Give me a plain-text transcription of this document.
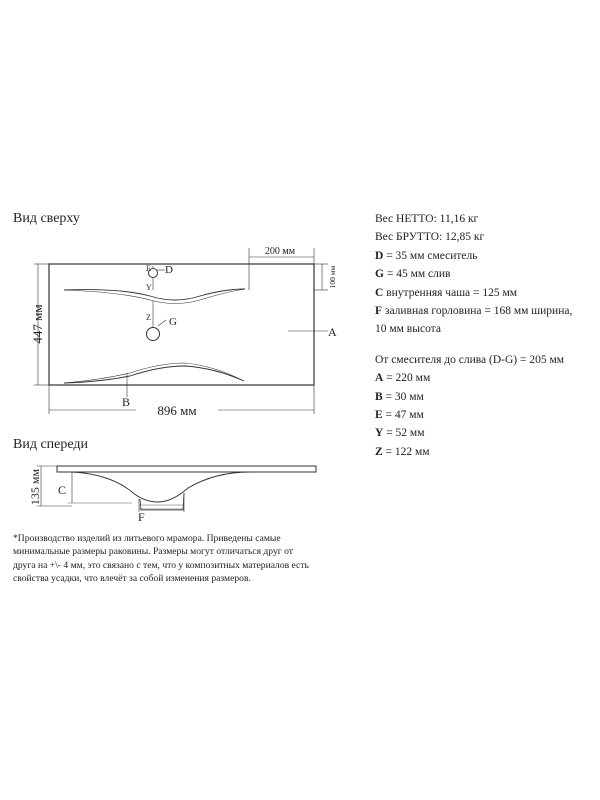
Вид сверху
Вид спереди
E D
Y
Z G
A
B
896 мм
447 мм
200 мм
100 мм
C
F
135 мм
Вес НЕТТО: 11,16 кг
Вес БРУТТО: 12,85 кг
D = 35 мм смеситель
G = 45 мм слив
C внутренняя чаша = 125 мм
F заливная горловина = 168 мм ширина,
10 мм высота
От смесителя до слива (D-G) = 205 мм
A = 220 мм
B = 30 мм
E = 47 мм
Y = 52 мм
Z = 122 мм
*Производство изделий из литьевого мрамора. Приведены самые минимальные размеры раковины. Размеры могут отличаться друг от друга на +\- 4 мм, это связано с тем, что у композитных материалов есть свойства усадки, что влечёт за собой изменения размеров.
